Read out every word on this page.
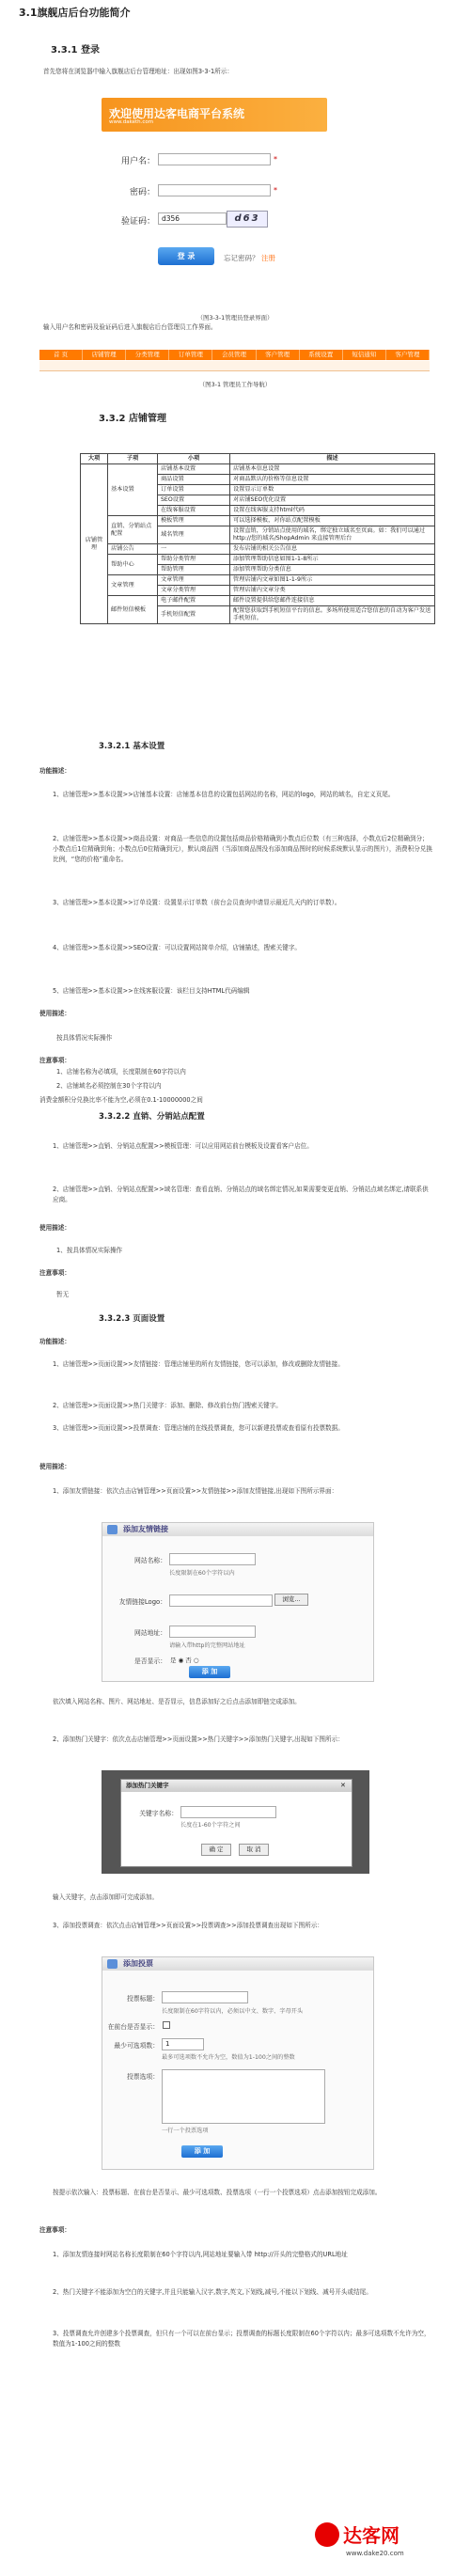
3.1旗舰店后台功能简介
3.3.1 登录
首先您将在浏览器中输入旗舰店后台管理地址：出现如图3-3-1所示：
欢迎使用达客电商平台系统
www.daketh.com
用户名：	*
密码：	*
验证码： d356	d63
登 录	忘记密码？ 注册
（图3-3-1管理员登录界面）
输入用户名和密码及验证码后进入旗舰店后台管理员工作界面。
首 页	店铺管理	分类管理	订单管理	会员管理	客户管理	系统设置	短信通知	客户管理
（图3-1 管理员工作导航）
3.3.2 店铺管理
大项	子项	小项	描述
店铺管理	基本设置	店铺基本设置	店铺基本信息设置
		商品设置	对商品默认的价格等信息设置
		订单设置	设置显示订单数
		SEO设置	对店铺SEO优化设置
		在线客服设置	设置在线客服支持html代码
	直销、分销站点配置	模板管理	可以选择模板，对你站点配置模板
		域名管理	设置直销，分销站点使用的域名，绑定独立域名至页面。如：我们可以通过 http://您的域名/ShopAdmin 来直接管理后台
	店铺公告	一	发布店铺的相关公告信息
	帮助中心	帮助分类管理	添加管理帮助信息如图1-1-8所示
		帮助管理	添加管理帮助分类信息
	文章管理	文章管理	管理店铺内文章如图1-1-9所示
		文章分类管理	管理店铺内文章分类
	邮件短信模板	电子邮件配置	邮件设置提供给您邮件连接信息
		手机短信配置	配置您获取到手机短信平台的信息。多场所使用适合您信息的自动为客户发送手机短信。
3.3.2.1 基本设置
功能描述：
1、店铺管理>>基本设置>>店铺基本设置：店铺基本信息的设置包括网站的名称，网站的logo，网站的域名，自定义页尾。
2、店铺管理>>基本设置>>商品设置：对商品一些信息的设置包括商品价格精确到小数点后位数（有三种选择，小数点后2位精确到分；小数点后1位精确到角；小数点后0位精确到元），默认商品图（当添加商品图没有添加商品图时的时候系统默认显示的图片），消费积分兑换比例，“您的价格”重命名。
3、店铺管理>>基本设置>>订单设置：设置显示订单数（前台会员查询申请显示最近几天内的订单数）。
4、店铺管理>>基本设置>>SEO设置：可以设置网站简单介绍，店铺描述，搜索关键字。
5、店铺管理>>基本设置>>在线客服设置：该栏目支持HTML代码编辑
使用描述：
按具体情况实际操作
注意事项：
1、店铺名称为必填项，长度限制在60字符以内
2、店铺域名必须控制在30个字符以内
消费金额积分兑换比率不能为空,必须在0.1-10000000之间
3.3.2.2 直销、分销站点配置
1、店铺管理>>直销、分销站点配置>>模板管理：可以应用网站前台模板及设置看客户店位。
2、店铺管理>>直销、分销站点配置>>域名管理：查看直销、分销站点的域名绑定情况,如果需要变更直销、分销站点域名绑定,请联系供应商。
使用描述：
1、按具体情况实际操作
注意事项：
暂无
3.3.2.3 页面设置
功能描述：
1、店铺管理>>页面设置>>友情链接：管理店铺里的所有友情链接，您可以添加，修改或删除友情链接。
2、店铺管理>>页面设置>>热门关键字：添加、删除、修改前台热门搜索关键字。
3、店铺管理>>页面设置>>投票调查：管理店铺的在线投票调查，您可以新建投票或查看原有投票数据。
使用描述：
1、添加友情链接：依次点击店铺管理>>页面设置>>友情链接>>添加友情链接,出现如下图所示界面：
添加友情链接
网站名称：
长度限制在60个字符以内
友情链接Logo：	浏览...
网站地址：
请输入带http的完整网站地址
是否显示： 是 ◉ 否 ○
添 加
依次填入网站名称、图片、网站地址、是否显示，信息添加好之后点击添加即链完成添加。
2、添加热门关键字：依次点击店铺管理>>页面设置>>热门关键字>>添加热门关键字,出现如下图所示：
添加热门关键字	✕
关键字名称：
长度在1-60个字符之间
确 定	取 消
输入关键字，点击添加即可完成添加。
3、添加投票调查：依次点击店铺管理>>页面设置>>投票调查>>添加投票调查出现如下图所示：
添加投票
投票标题：
长度限制在60字符以内，必须以中文、数字、字母开头
在前台是否显示：
最少可选项数：	1
最多可选项数不允许为空，数值为1-100之间的整数
投票选项：
一行一个投票选项
添 加
按提示依次输入：投票标题、在前台是否显示、最少可选项数、投票选项（一行一个投票选项）点击添加按钮完成添加。
注意事项：
1、添加友情连接时网站名称长度限制在60个字符以内,网站地址要输入带 http://开头的完整格式的URL地址
2、热门关键字不能添加为空白的关键字,并且只能输入汉字,数字,英文,下划线,减号,不能以下划线、减号开头或结尾。
3、投票调查允许创建多个投票调查，但只有一个可以在前台显示；投票调查的标题长度限制在60个字符以内；最多可选项数不允许为空，数值为1-100之间的整数
达客网
www.dake20.com
